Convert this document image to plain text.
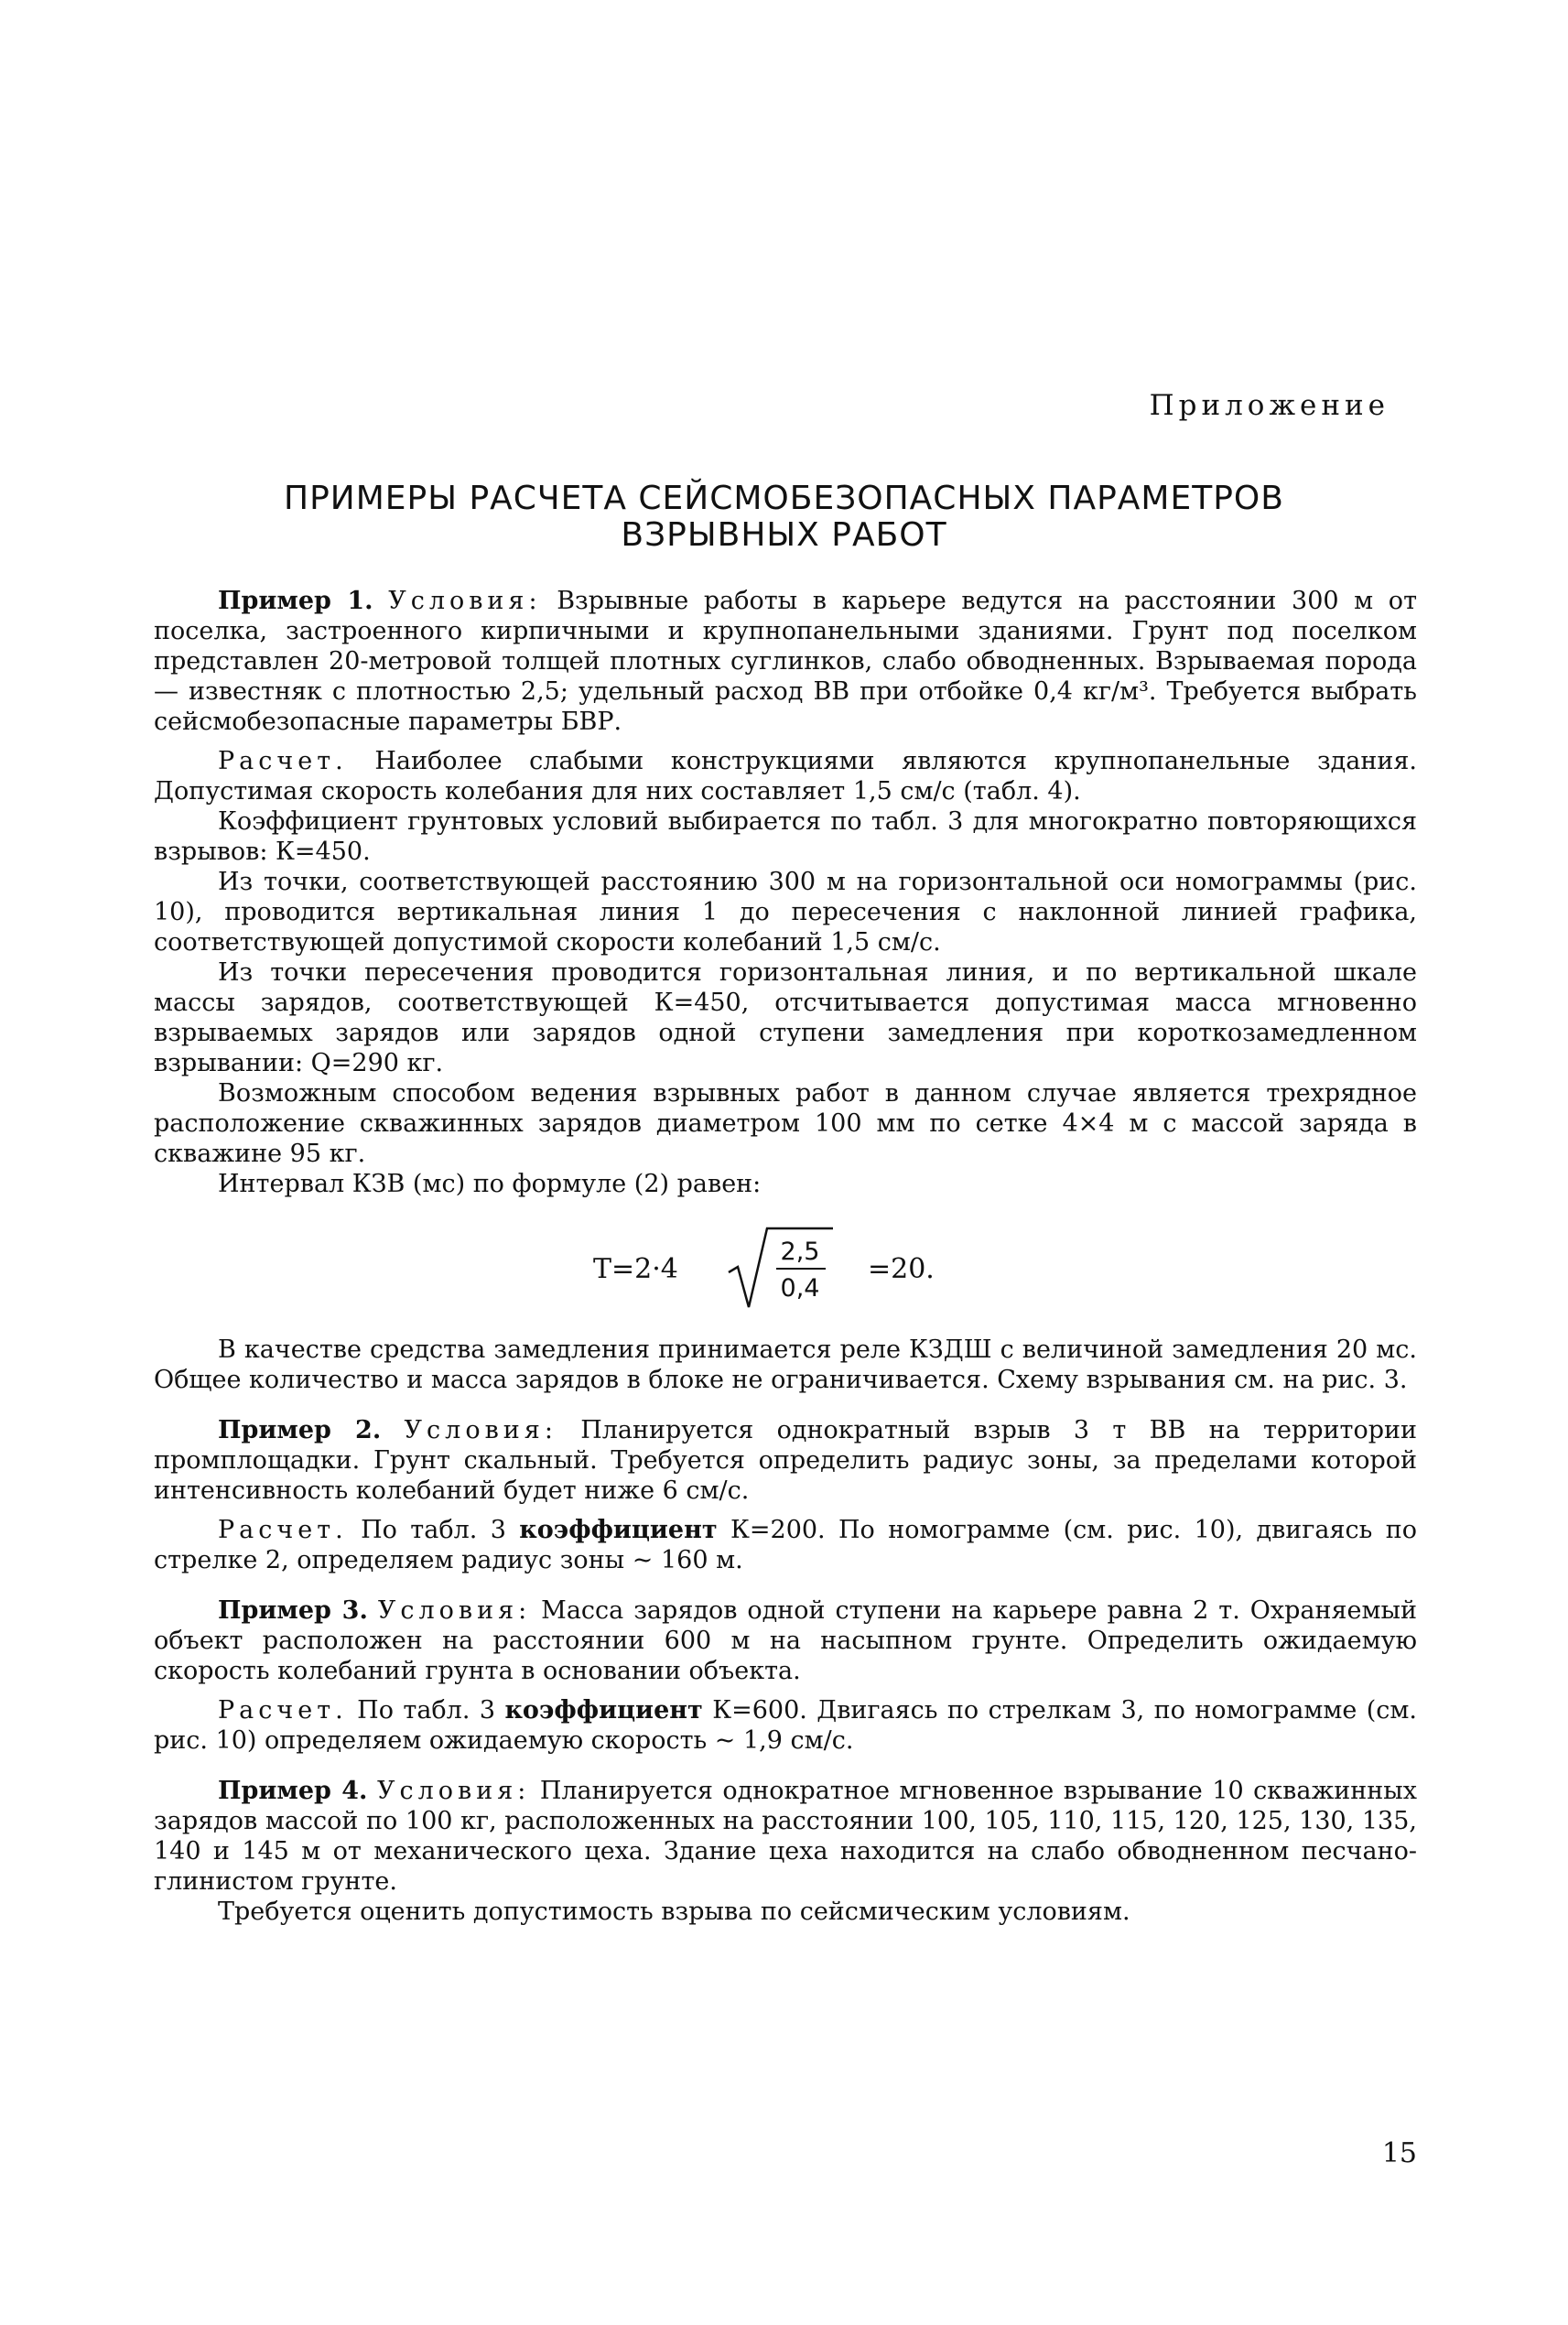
Приложение
ПРИМЕРЫ РАСЧЕТА СЕЙСМОБЕЗОПАСНЫХ ПАРАМЕТРОВ
ВЗРЫВНЫХ РАБОТ

Пример 1. Условия: Взрывные работы в карьере ведутся на расстоянии 300 м от поселка, застроенного кирпичными и крупнопанельными зданиями. Грунт под поселком представлен 20-метровой толщей плотных суглинков, слабо обводненных. Взрываемая порода — известняк с плотностью 2,5; удельный расход ВВ при отбойке 0,4 кг/м³. Требуется выбрать сейсмобезопасные параметры БВР.

Расчет. Наиболее слабыми конструкциями являются крупнопанельные здания. Допустимая скорость колебания для них составляет 1,5 см/с (табл. 4).

Коэффициент грунтовых условий выбирается по табл. 3 для многократно повторяющихся взрывов: К=450.

Из точки, соответствующей расстоянию 300 м на горизонтальной оси номограммы (рис. 10), проводится вертикальная линия 1 до пересечения с наклонной линией графика, соответствующей допустимой скорости колебаний 1,5 см/с.

Из точки пересечения проводится горизонтальная линия, и по вертикальной шкале массы зарядов, соответствующей К=450, отсчитывается допустимая масса мгновенно взрываемых зарядов или зарядов одной ступени замедления при короткозамедленном взрывании: Q=290 кг.

Возможным способом ведения взрывных работ в данном случае является трехрядное расположение скважинных зарядов диаметром 100 мм по сетке 4×4 м с массой заряда в скважине 95 кг.

Интервал КЗВ (мс) по формуле (2) равен:

T=2·4
2,5
0,4
=20.

В качестве средства замедления принимается реле КЗДШ с величиной замедления 20 мс. Общее количество и масса зарядов в блоке не ограничивается. Схему взрывания см. на рис. 3.

Пример 2. Условия: Планируется однократный взрыв 3 т ВВ на территории промплощадки. Грунт скальный. Требуется определить радиус зоны, за пределами которой интенсивность колебаний будет ниже 6 см/с.

Расчет. По табл. 3 коэффициент К=200. По номограмме (см. рис. 10), двигаясь по стрелке 2, определяем радиус зоны ~ 160 м.

Пример 3. Условия: Масса зарядов одной ступени на карьере равна 2 т. Охраняемый объект расположен на расстоянии 600 м на насыпном грунте. Определить ожидаемую скорость колебаний грунта в основании объекта.

Расчет. По табл. 3 коэффициент К=600. Двигаясь по стрелкам 3, по номограмме (см. рис. 10) определяем ожидаемую скорость ~ 1,9 см/с.

Пример 4. Условия: Планируется однократное мгновенное взрывание 10 скважинных зарядов массой по 100 кг, расположенных на расстоянии 100, 105, 110, 115, 120, 125, 130, 135, 140 и 145 м от механического цеха. Здание цеха находится на слабо обводненном песчано-глинистом грунте.

Требуется оценить допустимость взрыва по сейсмическим условиям.

15
